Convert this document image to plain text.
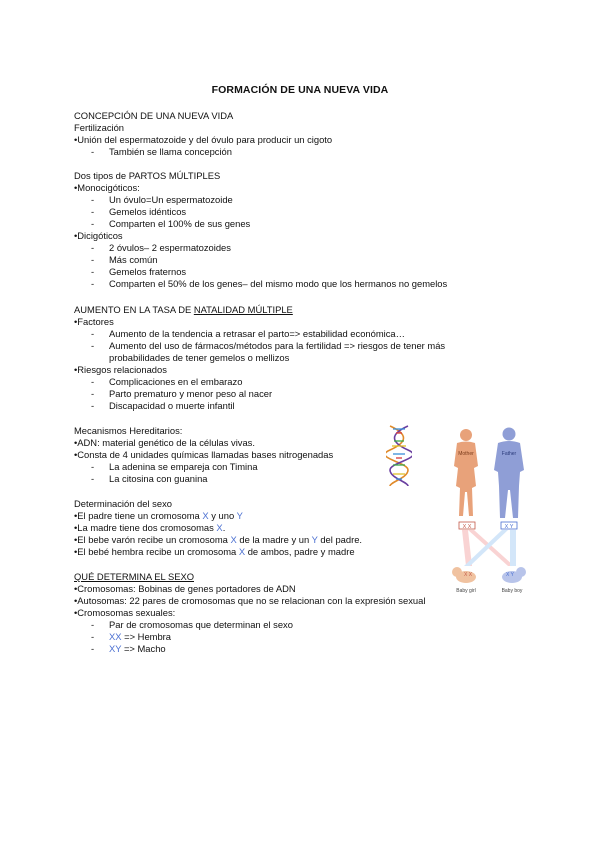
FORMACIÓN DE UNA NUEVA VIDA
CONCEPCIÓN DE UNA NUEVA VIDA
Fertilización
•Unión del espermatozoide y del óvulo para producir un cigoto
- También se llama concepción
Dos tipos de PARTOS MÚLTIPLES
•Monocigóticos:
- Un óvulo=Un espermatozoide
- Gemelos idénticos
- Comparten el 100% de sus genes
•Dicigóticos
- 2 óvulos– 2 espermatozoides
- Más común
- Gemelos fraternos
- Comparten el 50% de los genes– del mismo modo que los hermanos no gemelos
AUMENTO EN LA TASA DE NATALIDAD MÚLTIPLE
•Factores
- Aumento de la tendencia a retrasar el parto=> estabilidad económica…
- Aumento del uso de fármacos/métodos para la fertilidad => riesgos de tener más
probabilidades de tener gemelos o mellizos
•Riesgos relacionados
- Complicaciones en el embarazo
- Parto prematuro y menor peso al nacer
- Discapacidad o muerte infantil
Mecanismos Hereditarios:
•ADN: material genético de la células vivas.
•Consta de 4 unidades químicas llamadas bases nitrogenadas
- La adenina se empareja con Timina
- La citosina con guanina
Determinación del sexo
•El padre tiene un cromosoma X y uno Y
•La madre tiene dos cromosomas X.
•El bebe varón recibe un cromosoma X de la madre y un Y del padre.
•El bebé hembra recibe un cromosoma X de ambos, padre y madre
QUÉ DETERMINA EL SEXO
•Cromosomas: Bobinas de genes portadores de ADN
•Autosomas: 22 pares de cromosomas que no se relacionan con la expresión sexual
•Cromosomas sexuales:
- Par de cromosomas que determinan el sexo
- XX => Hembra
- XY => Macho
Mother	Father
X X	X Y
X X	X Y
Baby girl	Baby boy
